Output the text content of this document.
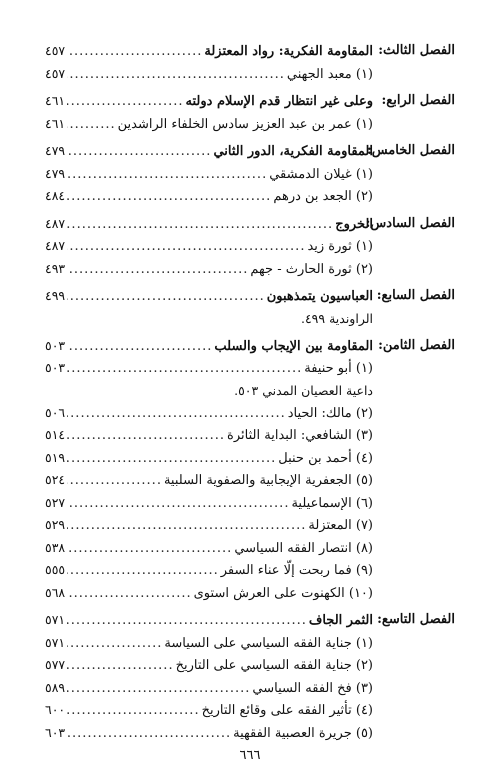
الفصل الثالث:
المقاومة الفكرية: رواد المعتزلة
.....
٤٥٧
(١) معبد الجهني
.....
٤٥٧
الفصل الرابع:
وعلى غير انتظار قدم الإسلام دولته
.....
٤٦١
(١) عمر بن عبد العزيز سادس الخلفاء الراشدين
.....
٤٦١
الفصل الخامس:
المقاومة الفكرية، الدور الثاني
.....
٤٧٩
(١) غيلان الدمشقي
.....
٤٧٩
(٢) الجعد بن درهم
.....
٤٨٤
الفصل السادس:
الخروج
.....
٤٨٧
(١) ثورة زيد
.....
٤٨٧
(٢) ثورة الحارث - جهم
.....
٤٩٣
الفصل السابع:
العباسيون يتمذهبون
.....
٤٩٩
الراوندية ٤٩٩.
الفصل الثامن:
المقاومة بين الإيجاب والسلب
.....
٥٠٣
(١) أبو حنيفة
.....
٥٠٣
داعية العصيان المدني ٥٠٣.
(٢) مالك: الحياد
.....
٥٠٦
(٣) الشافعي: البداية الثائرة
.....
٥١٤
(٤) أحمد بن حنبل
.....
٥١٩
(٥) الجعفرية الإيجابية والصفوية السلبية
.....
٥٢٤
(٦) الإسماعيلية
.....
٥٢٧
(٧) المعتزلة
.....
٥٢٩
(٨) انتصار الفقه السياسي
.....
٥٣٨
(٩) فما ربحت إلّا عناء السفر
.....
٥٥٥
(١٠) الكهنوت على العرش استوى
.....
٥٦٨
الفصل التاسع:
الثمر الجاف
.....
٥٧١
(١) جناية الفقه السياسي على السياسة
.....
٥٧١
(٢) جناية الفقه السياسي على التاريخ
.....
٥٧٧
(٣) فخ الفقه السياسي
.....
٥٨٩
(٤) تأثير الفقه على وقائع التاريخ
.....
٦٠٠
(٥) جريرة العصبية الفقهية
.....
٦٠٣
٦٦٦
